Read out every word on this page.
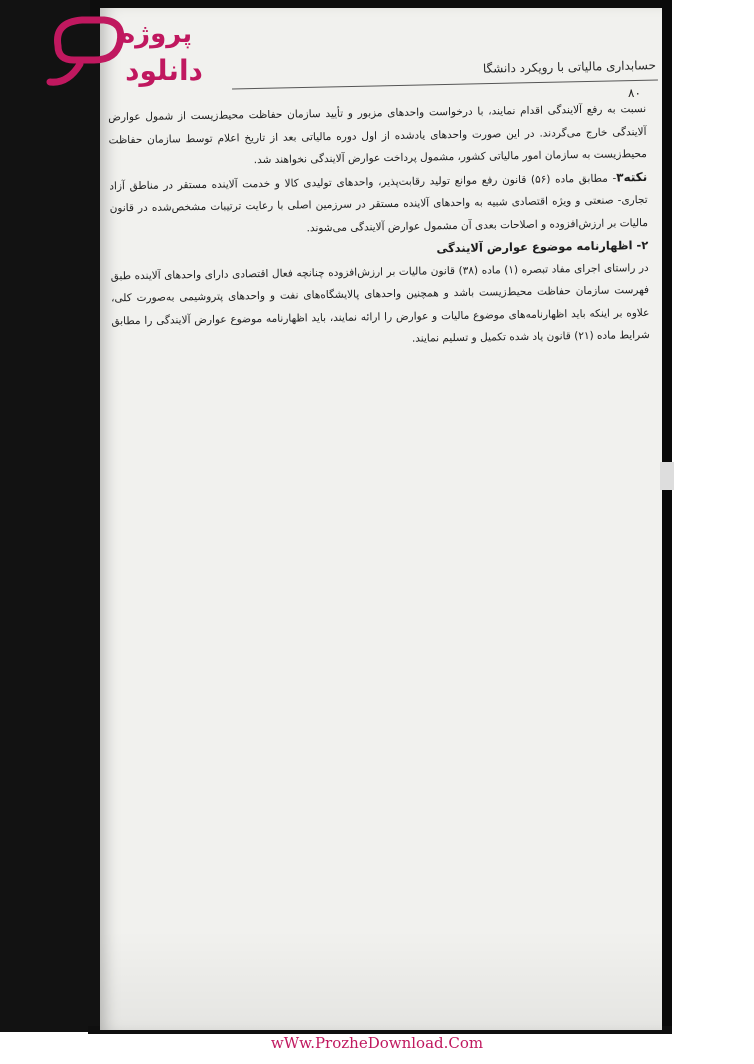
پروژه
دانلود	حسابداری مالیاتی با رویکرد دانشگا
۸۰

نسبت به رفع آلایندگی اقدام نمایند، با درخواست واحدهای مزبور و تأیید سازمان حفاظت محیط‌زیست از شمول عوارض آلایندگی خارج می‌گردند. در این صورت واحدهای یادشده از اول دوره مالیاتی بعد از تاریخ اعلام توسط سازمان حفاظت محیط‌زیست به سازمان امور مالیاتی کشور، مشمول پرداخت عوارض آلایندگی نخواهند شد.

نکته۳- مطابق ماده (۵۶) قانون رفع موانع تولید رقابت‌پذیر، واحدهای تولیدی کالا و خدمت آلاینده مستقر در مناطق آزاد تجاری- صنعتی و ویژه اقتصادی شبیه به واحدهای آلاینده مستقر در سرزمین اصلی با رعایت ترتیبات مشخص‌شده در قانون مالیات بر ارزش‌افزوده و اصلاحات بعدی آن مشمول عوارض آلایندگی می‌شوند.

۲- اظهارنامه موضوع عوارض آلایندگی

در راستای اجرای مفاد تبصره (۱) ماده (۳۸) قانون مالیات بر ارزش‌افزوده چنانچه فعال اقتصادی دارای واحدهای آلاینده طبق فهرست سازمان حفاظت محیط‌زیست باشد و همچنین واحدهای پالایشگاه‌های نفت و واحدهای پتروشیمی به‌صورت کلی، علاوه بر اینکه باید اظهارنامه‌های موضوع مالیات و عوارض را ارائه نمایند، باید اظهارنامه موضوع عوارض آلایندگی را مطابق شرایط ماده (۲۱) قانون یاد شده تکمیل و تسلیم نمایند.

wWw.ProzheDownload.Com
